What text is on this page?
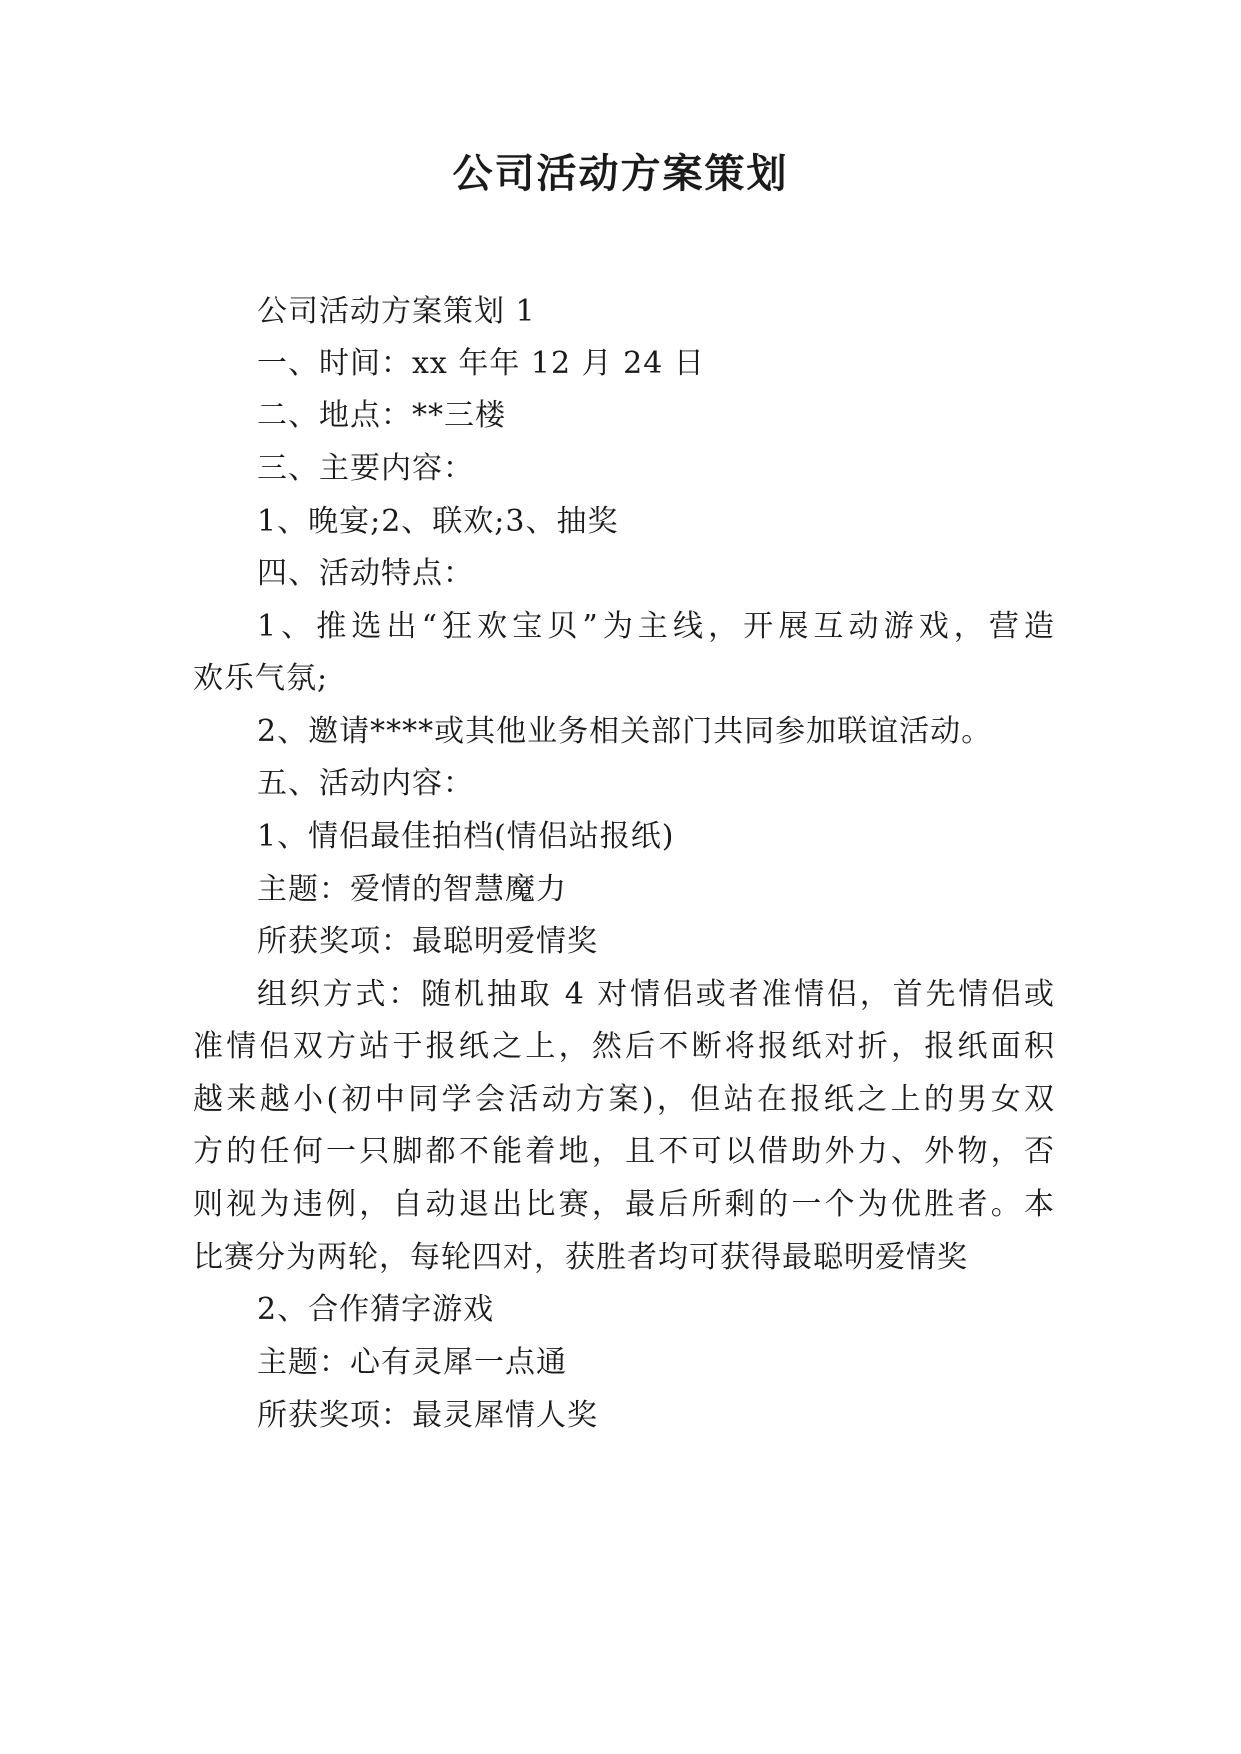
公司活动方案策划

公司活动方案策划 1

一、时间：xx 年年 12 月 24 日

二、地点：**三楼

三、主要内容：

1、晚宴;2、联欢;3、抽奖

四、活动特点：

1、推选出“狂欢宝贝”为主线，开展互动游戏，营造

欢乐气氛;

2、邀请****或其他业务相关部门共同参加联谊活动。

五、活动内容：

1、情侣最佳拍档(情侣站报纸)

主题：爱情的智慧魔力

所获奖项：最聪明爱情奖

组织方式：随机抽取 4 对情侣或者准情侣，首先情侣或

准情侣双方站于报纸之上，然后不断将报纸对折，报纸面积

越来越小(初中同学会活动方案)，但站在报纸之上的男女双

方的任何一只脚都不能着地，且不可以借助外力、外物，否

则视为违例，自动退出比赛，最后所剩的一个为优胜者。本

比赛分为两轮，每轮四对，获胜者均可获得最聪明爱情奖

2、合作猜字游戏

主题：心有灵犀一点通

所获奖项：最灵犀情人奖
